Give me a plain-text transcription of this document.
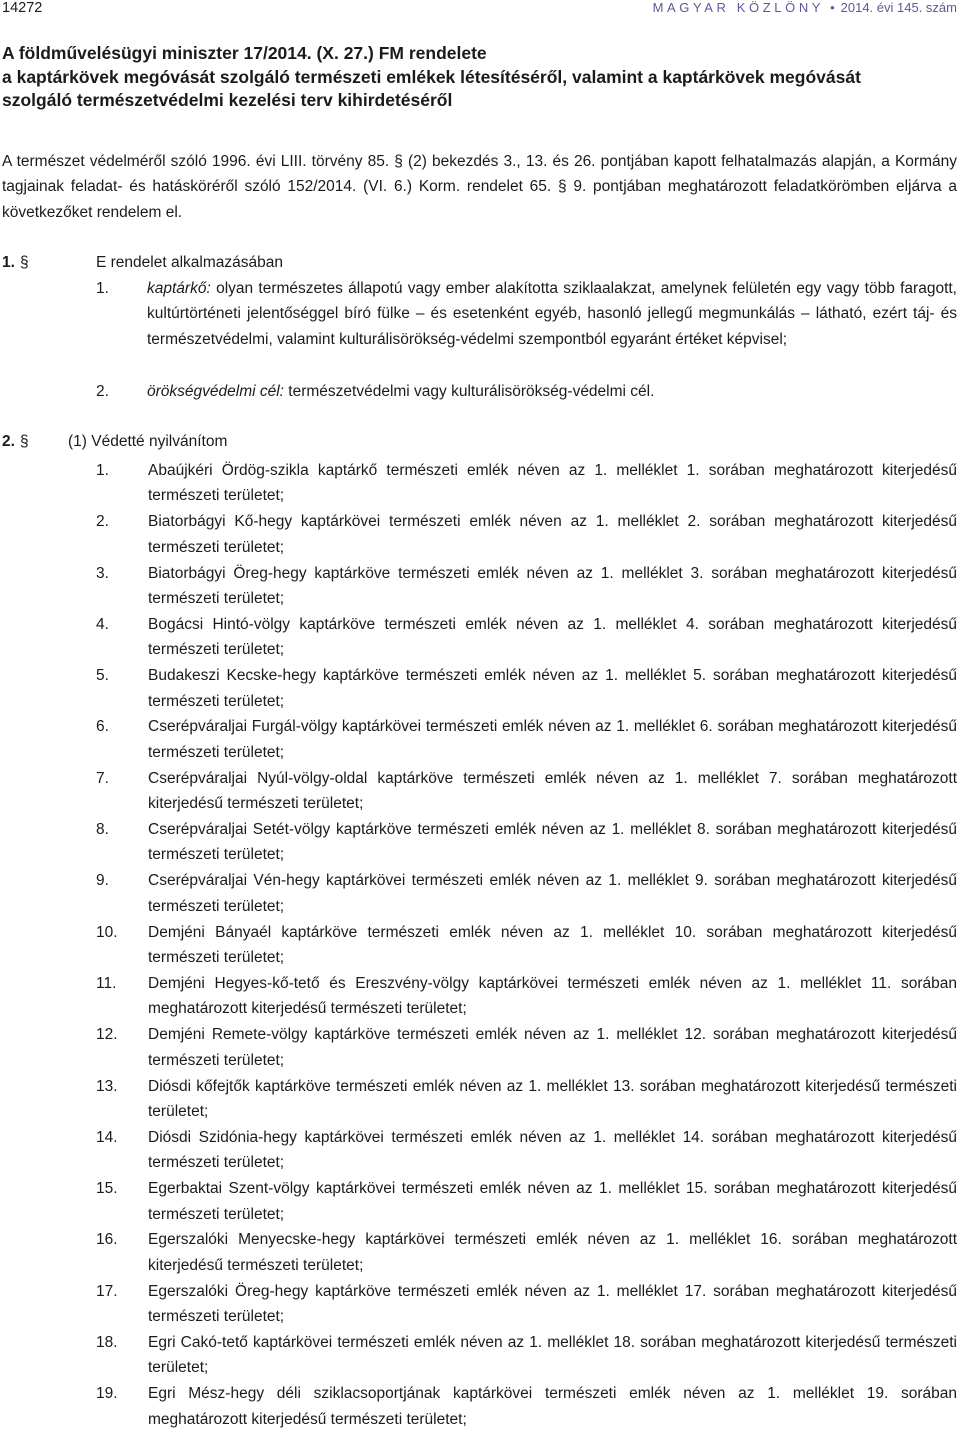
14272	MAGYAR KÖZLÖNY • 2014. évi 145. szám
A földművelésügyi miniszter 17/2014. (X. 27.) FM rendelete
a kaptárkövek megóvását szolgáló természeti emlékek létesítéséről, valamint a kaptárkövek megóvását
szolgáló természetvédelmi kezelési terv kihirdetéséről
A természet védelméről szóló 1996. évi LIII. törvény 85. § (2) bekezdés 3., 13. és 26. pontjában kapott felhatalmazás alapján, a Kormány tagjainak feladat- és hatásköréről szóló 152/2014. (VI. 6.) Korm. rendelet 65. § 9. pontjában meghatározott feladatkörömben eljárva a következőket rendelem el.
1. §	E rendelet alkalmazásában
1. kaptárkő: olyan természetes állapotú vagy ember alakította sziklaalakzat, amelynek felületén egy vagy több faragott, kultúrtörténeti jelentőséggel bíró fülke – és esetenként egyéb, hasonló jellegű megmunkálás – látható, ezért táj- és természetvédelmi, valamint kulturálisörökség-védelmi szempontból egyaránt értéket képvisel;
2. örökségvédelmi cél: természetvédelmi vagy kulturálisörökség-védelmi cél.
2. §	(1) Védetté nyilvánítom
1.	Abaújkéri Ördög-szikla kaptárkő természeti emlék néven az 1. melléklet 1. sorában meghatározott kiterjedésű természeti területet;
2.	Biatorbágyi Kő-hegy kaptárkövei természeti emlék néven az 1. melléklet 2. sorában meghatározott kiterjedésű természeti területet;
3.	Biatorbágyi Öreg-hegy kaptárköve természeti emlék néven az 1. melléklet 3. sorában meghatározott kiterjedésű természeti területet;
4.	Bogácsi Hintó-völgy kaptárköve természeti emlék néven az 1. melléklet 4. sorában meghatározott kiterjedésű természeti területet;
5.	Budakeszi Kecske-hegy kaptárköve természeti emlék néven az 1. melléklet 5. sorában meghatározott kiterjedésű természeti területet;
6.	Cserépváraljai Furgál-völgy kaptárkövei természeti emlék néven az 1. melléklet 6. sorában meghatározott kiterjedésű természeti területet;
7.	Cserépváraljai Nyúl-völgy-oldal kaptárköve természeti emlék néven az 1. melléklet 7. sorában meghatározott kiterjedésű természeti területet;
8.	Cserépváraljai Setét-völgy kaptárköve természeti emlék néven az 1. melléklet 8. sorában meghatározott kiterjedésű természeti területet;
9.	Cserépváraljai Vén-hegy kaptárkövei természeti emlék néven az 1. melléklet 9. sorában meghatározott kiterjedésű természeti területet;
10. Demjéni Bányaél kaptárköve természeti emlék néven az 1. melléklet 10. sorában meghatározott kiterjedésű természeti területet;
11. Demjéni Hegyes-kő-tető és Ereszvény-völgy kaptárkövei természeti emlék néven az 1. melléklet 11. sorában meghatározott kiterjedésű természeti területet;
12. Demjéni Remete-völgy kaptárköve természeti emlék néven az 1. melléklet 12. sorában meghatározott kiterjedésű természeti területet;
13. Diósdi kőfejtők kaptárköve természeti emlék néven az 1. melléklet 13. sorában meghatározott kiterjedésű természeti területet;
14. Diósdi Szidónia-hegy kaptárkövei természeti emlék néven az 1. melléklet 14. sorában meghatározott kiterjedésű természeti területet;
15. Egerbaktai Szent-völgy kaptárkövei természeti emlék néven az 1. melléklet 15. sorában meghatározott kiterjedésű természeti területet;
16. Egerszalóki Menyecske-hegy kaptárkövei természeti emlék néven az 1. melléklet 16. sorában meghatározott kiterjedésű természeti területet;
17. Egerszalóki Öreg-hegy kaptárköve természeti emlék néven az 1. melléklet 17. sorában meghatározott kiterjedésű természeti területet;
18. Egri Cakó-tető kaptárkövei természeti emlék néven az 1. melléklet 18. sorában meghatározott kiterjedésű természeti területet;
19. Egri Mész-hegy déli sziklacsoportjának kaptárkövei természeti emlék néven az 1. melléklet 19. sorában meghatározott kiterjedésű természeti területet;
